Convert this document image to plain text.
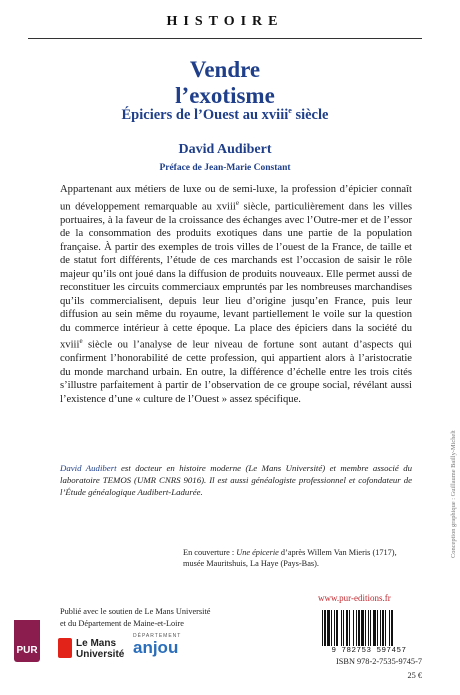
HISTOIRE
Vendre
l’exotisme
Épiciers de l’Ouest au xviii$^e$ siècle
David Audibert
Préface de Jean-Marie Constant
Appartenant aux métiers de luxe ou de semi-luxe, la profession d’épicier connaît un développement remarquable au xviii$^e$ siècle, particulièrement dans les villes portuaires, à la faveur de la croissance des échanges avec l’Outre-mer et de l’essor de la consommation des produits exotiques dans une partie de la population française. À partir des exemples de trois villes de l’ouest de la France, de taille et de statut fort différents, l’étude de ces marchands est l’occasion de saisir le rôle majeur qu’ils ont joué dans la diffusion de produits nouveaux. Elle permet aussi de reconstituer les circuits commerciaux empruntés par les nombreuses marchandises qu’ils commercialisent, depuis leur lieu d’origine jusqu’en France, puis leur diffusion au sein même du royaume, levant partiellement le voile sur la question du commerce intérieur à cette époque. La place des épiciers dans la société du xviii$^e$ siècle ou l’analyse de leur niveau de fortune sont autant d’aspects qui confirment l’honorabilité de cette profession, qui appartient alors à l’aristocratie du monde marchand urbain. En outre, la différence d’échelle entre les trois cités s’illustre parfaitement à partir de l’observation de ce groupe social, révélant aussi l’existence d’une « culture de l’Ouest » assez spécifique.
David Audibert est docteur en histoire moderne (Le Mans Université) et membre associé du laboratoire TEMOS (UMR CNRS 9016). Il est aussi généalogiste professionnel et cofondateur de l’Étude généalogique Audibert-Ladurée.
En couverture : Une épicerie d’après Willem Van Mieris (1717),
musée Mauritshuis, La Haye (Pays-Bas).
Conception graphique : Guillaume Bailly-Michelt
www.pur-editions.fr
Publié avec le soutien de Le Mans Université
et du Département de Maine-et-Loire
PUR
Le Mans
Université
DÉPARTEMENT
anjou	9 782753 597457
ISBN 978-2-7535-9745-7
25 €
